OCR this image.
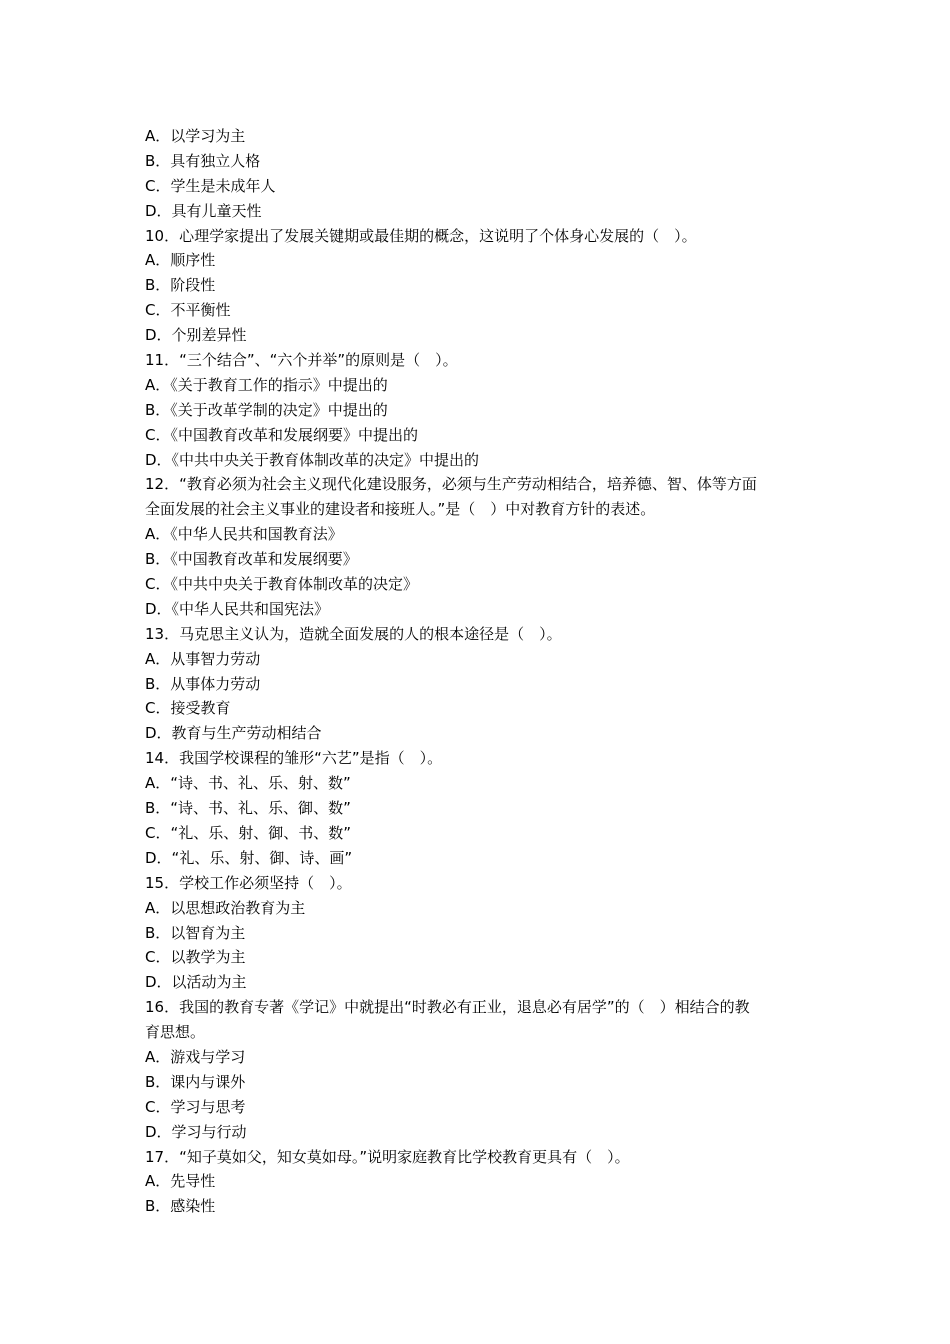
A．以学习为主
B．具有独立人格
C．学生是未成年人
D．具有儿童天性
10．心理学家提出了发展关键期或最佳期的概念，这说明了个体身心发展的（　）。
A．顺序性
B．阶段性
C．不平衡性
D．个别差异性
11．“三个结合”、“六个并举”的原则是（　）。
A．《关于教育工作的指示》中提出的
B．《关于改革学制的决定》中提出的
C．《中国教育改革和发展纲要》中提出的
D．《中共中央关于教育体制改革的决定》中提出的
12．“教育必须为社会主义现代化建设服务，必须与生产劳动相结合，培养德、智、体等方面
全面发展的社会主义事业的建设者和接班人。”是（　）中对教育方针的表述。
A．《中华人民共和国教育法》
B．《中国教育改革和发展纲要》
C．《中共中央关于教育体制改革的决定》
D．《中华人民共和国宪法》
13．马克思主义认为，造就全面发展的人的根本途径是（　）。
A．从事智力劳动
B．从事体力劳动
C．接受教育
D．教育与生产劳动相结合
14．我国学校课程的雏形“六艺”是指（　）。
A．“诗、书、礼、乐、射、数”
B．“诗、书、礼、乐、御、数”
C．“礼、乐、射、御、书、数”
D．“礼、乐、射、御、诗、画”
15．学校工作必须坚持（　）。
A．以思想政治教育为主
B．以智育为主
C．以教学为主
D．以活动为主
16．我国的教育专著《学记》中就提出“时教必有正业，退息必有居学”的（　）相结合的教
育思想。
A．游戏与学习
B．课内与课外
C．学习与思考
D．学习与行动
17．“知子莫如父，知女莫如母。”说明家庭教育比学校教育更具有（　）。
A．先导性
B．感染性
